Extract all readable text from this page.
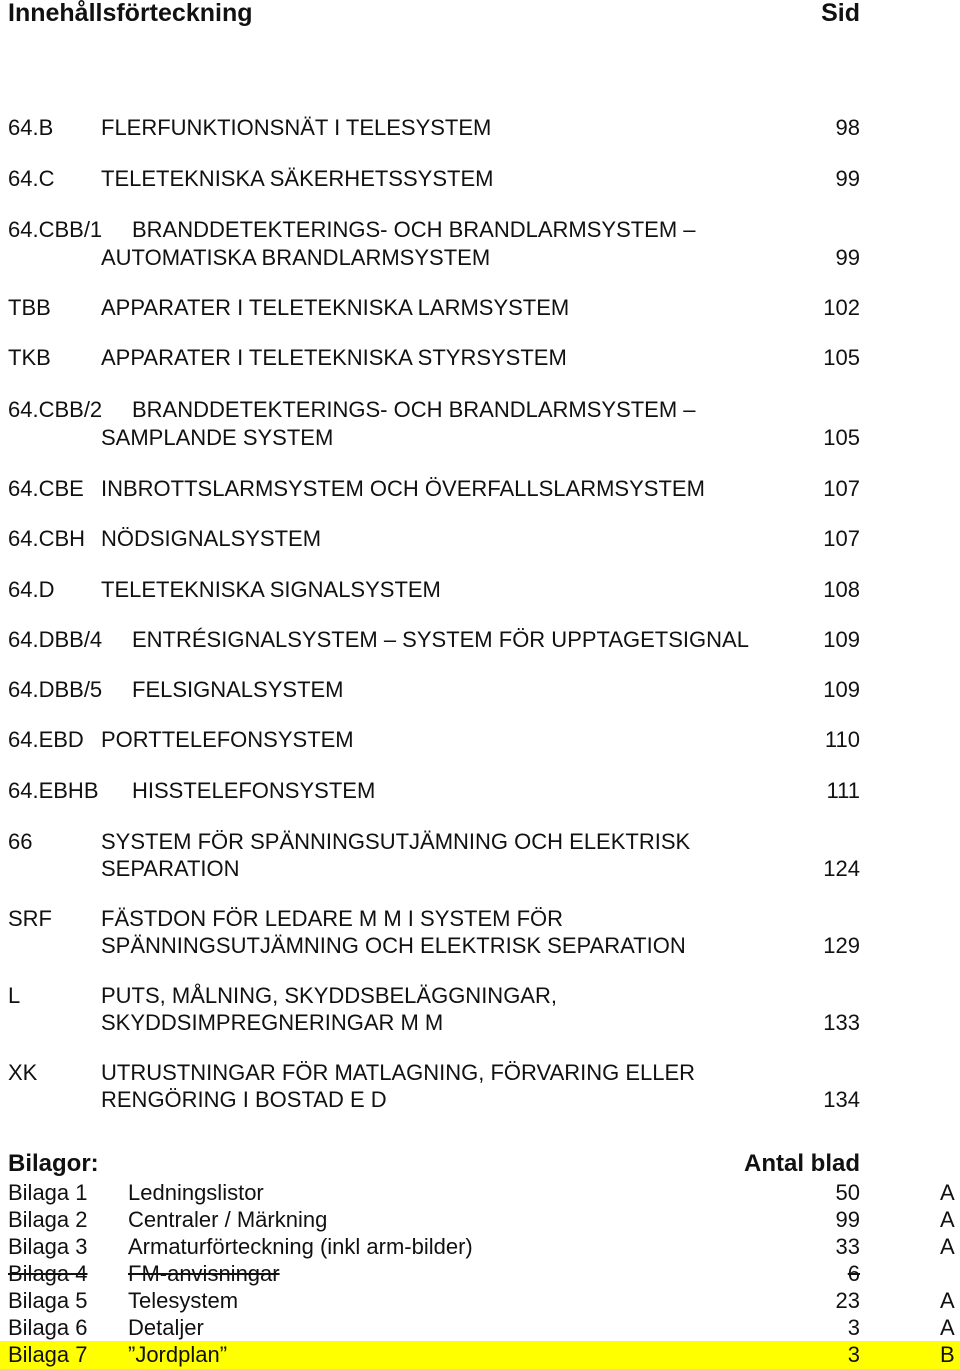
Innehållsförteckning	Sid
64.B FLERFUNKTIONSNÄT I TELESYSTEM	98
64.C TELETEKNISKA SÄKERHETSSYSTEM	99
64.CBB/1 BRANDDETEKTERINGS- OCH BRANDLARMSYSTEM –
AUTOMATISKA BRANDLARMSYSTEM	99
TBB APPARATER I TELETEKNISKA LARMSYSTEM	102
TKB APPARATER I TELETEKNISKA STYRSYSTEM	105
64.CBB/2 BRANDDETEKTERINGS- OCH BRANDLARMSYSTEM –
SAMPLANDE SYSTEM	105
64.CBE INBROTTSLARMSYSTEM OCH ÖVERFALLSLARMSYSTEM	107
64.CBH NÖDSIGNALSYSTEM	107
64.D TELETEKNISKA SIGNALSYSTEM	108
64.DBB/4 ENTRÉSIGNALSYSTEM – SYSTEM FÖR UPPTAGETSIGNAL	109
64.DBB/5 FELSIGNALSYSTEM	109
64.EBD PORTTELEFONSYSTEM	110
64.EBHB HISSTELEFONSYSTEM	111
66	SYSTEM FÖR SPÄNNINGSUTJÄMNING OCH ELEKTRISK
SEPARATION	124
SRF FÄSTDON FÖR LEDARE M M I SYSTEM FÖR
SPÄNNINGSUTJÄMNING OCH ELEKTRISK SEPARATION	129
L	PUTS, MÅLNING, SKYDDSBELÄGGNINGAR,
SKYDDSIMPREGNERINGAR M M	133
XK	UTRUSTNINGAR FÖR MATLAGNING, FÖRVARING ELLER
RENGÖRING I BOSTAD E D	134
Bilagor:	Antal blad
Bilaga 1 Ledningslistor	50	A
Bilaga 2 Centraler / Märkning	99	A
Bilaga 3 Armaturförteckning (inkl arm-bilder)	33	A
Bilaga 4 FM-anvisningar	6
Bilaga 5 Telesystem	23	A
Bilaga 6 Detaljer	3	A
Bilaga 7 ”Jordplan”	3	B
